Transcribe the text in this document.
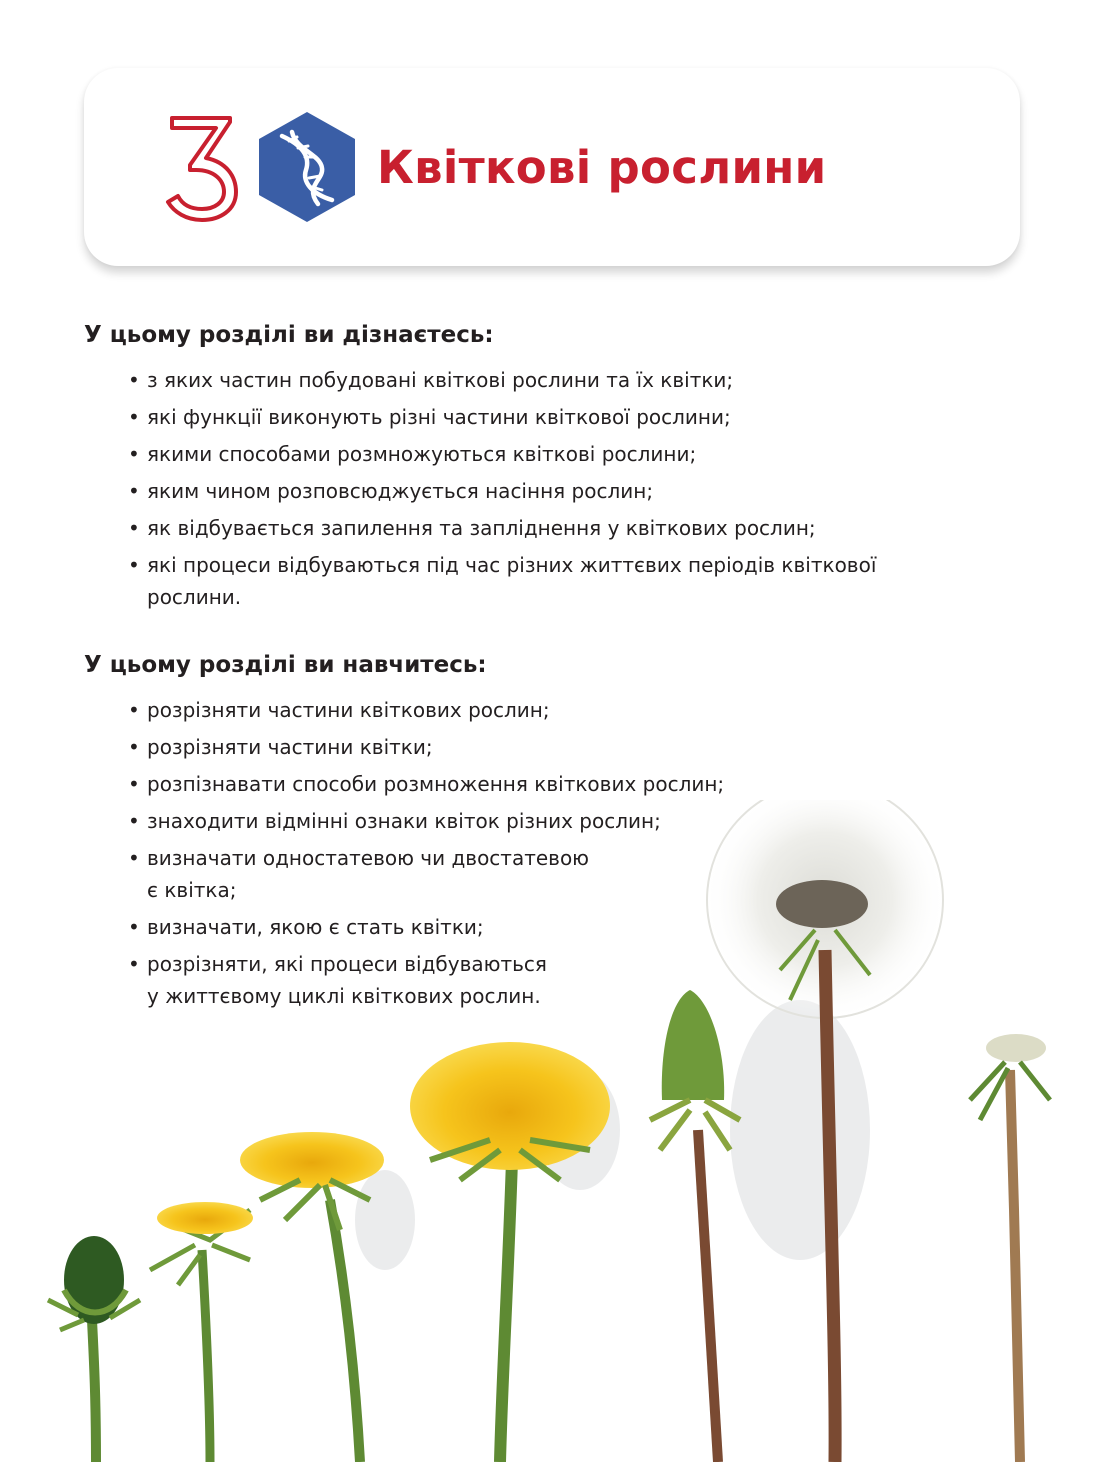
Квіткові рослини
У цьому розділі ви дізнаєтесь:
• з яких частин побудовані квіткові рослини та їх квітки;
• які функції виконують різні частини квіткової рослини;
• якими способами розмножуються квіткові рослини;
• яким чином розповсюджується насіння рослин;
• як відбувається запилення та запліднення у квіткових рослин;
• які процеси відбуваються під час різних життєвих періодів квіткової
рослини.
У цьому розділі ви навчитесь:
• розрізняти частини квіткових рослин;
• розрізняти частини квітки;
• розпізнавати способи розмноження квіткових рослин;
• знаходити відмінні ознаки квіток різних рослин;
• визначати одностатевою чи двостатевою
є квітка;
• визначати, якою є стать квітки;
• розрізняти, які процеси відбуваються
у життєвому циклі квіткових рослин.
